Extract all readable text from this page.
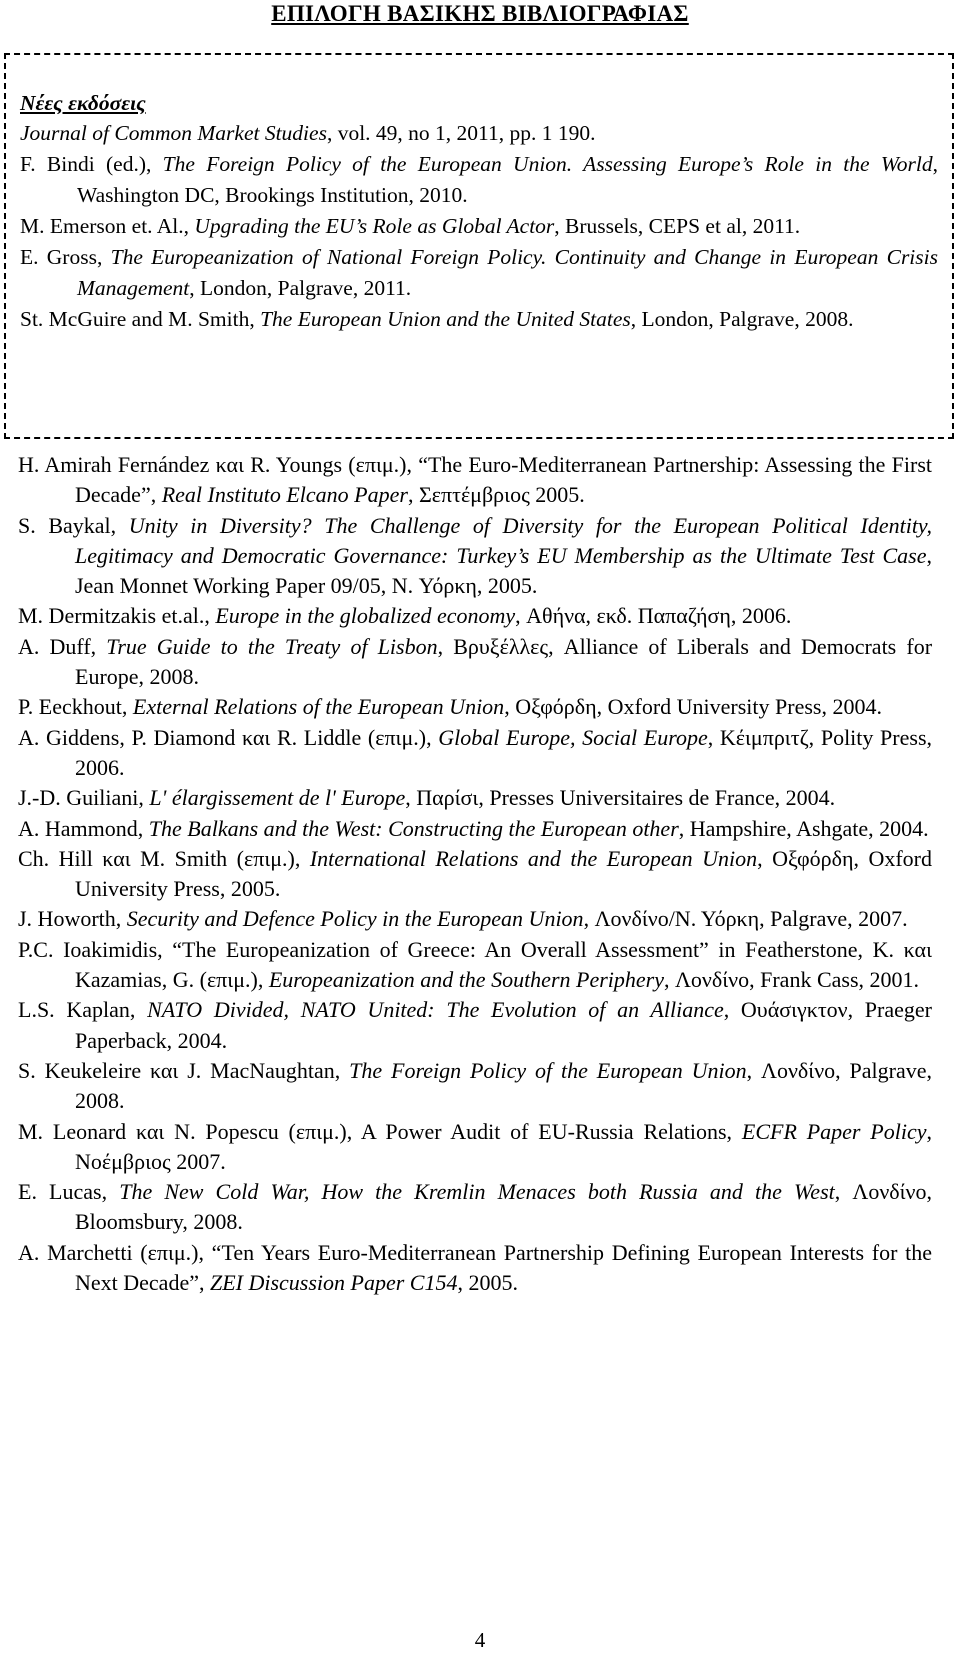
ΕΠΙΛΟΓΗ ΒΑΣΙΚΗΣ ΒΙΒΛΙΟΓΡΑΦΙΑΣ
Νέες εκδόσεις
Journal of Common Market Studies, vol. 49, no 1, 2011, pp. 1 190.
F. Bindi (ed.), The Foreign Policy of the European Union. Assessing Europe’s Role in the World, Washington DC, Brookings Institution, 2010.
M. Emerson et. Al., Upgrading the EU’s Role as Global Actor, Brussels, CEPS et al, 2011.
E. Gross, The Europeanization of National Foreign Policy. Continuity and Change in European Crisis Management, London, Palgrave, 2011.
St. McGuire and M. Smith, The European Union and the United States, London, Palgrave, 2008.
H. Amirah Fernández και R. Youngs (επιμ.), “The Euro-Mediterranean Partnership: Assessing the First Decade”, Real Instituto Elcano Paper, Σεπτέμβριος 2005.
S. Baykal, Unity in Diversity? The Challenge of Diversity for the European Political Identity, Legitimacy and Democratic Governance: Turkey’s EU Membership as the Ultimate Test Case, Jean Monnet Working Paper 09/05, N. Υόρκη, 2005.
M. Dermitzakis et.al., Europe in the globalized economy, Αθήνα, εκδ. Παπαζήση, 2006.
A. Duff, True Guide to the Treaty of Lisbon, Βρυξέλλες, Alliance of Liberals and Democrats for Europe, 2008.
P. Eeckhout, External Relations of the European Union, Οξφόρδη, Oxford University Press, 2004.
A. Giddens, P. Diamond και R. Liddle (επιμ.), Global Europe, Social Europe, Κέιμπριτζ, Polity Press, 2006.
J.-D. Guiliani, L' élargissement de l' Europe, Παρίσι, Presses Universitaires de France, 2004.
A. Hammond, The Balkans and the West: Constructing the European other, Hampshire, Ashgate, 2004.
Ch. Hill και M. Smith (επιμ.), International Relations and the European Union, Οξφόρδη, Oxford University Press, 2005.
J. Howorth, Security and Defence Policy in the European Union, Λονδίνο/Ν. Υόρκη, Palgrave, 2007.
P.C. Ioakimidis, “The Europeanization of Greece: An Overall Assessment” in Featherstone, K. και Kazamias, G. (επιμ.), Europeanization and the Southern Periphery, Λονδίνο, Frank Cass, 2001.
L.S. Kaplan, NATO Divided, NATO United: The Evolution of an Alliance, Ουάσιγκτον, Praeger Paperback, 2004.
S. Keukeleire και J. MacNaughtan, The Foreign Policy of the European Union, Λονδίνο, Palgrave, 2008.
M. Leonard και N. Popescu (επιμ.), A Power Audit of EU-Russia Relations, ECFR Paper Policy, Νοέμβριος 2007.
E. Lucas, The New Cold War, How the Kremlin Menaces both Russia and the West, Λονδίνο, Bloomsbury, 2008.
A. Marchetti (επιμ.), “Ten Years Euro-Mediterranean Partnership Defining European Interests for the Next Decade”, ZEI Discussion Paper C154, 2005.
4
